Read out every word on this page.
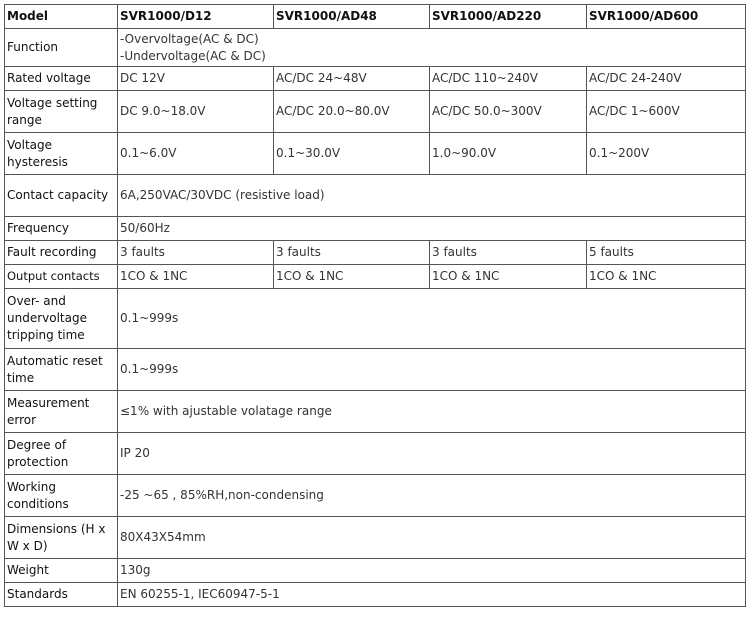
Model	SVR1000/D12	SVR1000/AD48	SVR1000/AD220	SVR1000/AD600
Function	-Overvoltage(AC & DC)
-Undervoltage(AC & DC)			

Rated voltage	DC 12V	AC/DC 24~48V	AC/DC 110~240V	AC/DC 24-240V
Voltage setting range	DC 9.0~18.0V	AC/DC 20.0~80.0V	AC/DC 50.0~300V	AC/DC 1~600V
Voltage hysteresis	0.1~6.0V	0.1~30.0V	1.0~90.0V	0.1~200V
Contact capacity	6A,250VAC/30VDC (resistive load)			
Frequency	50/60Hz			
Fault recording	3 faults	3 faults	3 faults	5 faults
Output contacts	1CO & 1NC	1CO & 1NC	1CO & 1NC	1CO & 1NC
Over- and undervoltage tripping time	0.1~999s			
Automatic reset time	0.1~999s			
Measurement error	≤1% with ajustable volatage range			
Degree of protection	IP 20			
Working conditions	-25 ~65 , 85%RH,non-condensing			
Dimensions (H x W x D)	80X43X54mm			
Weight	130g			
Standards	EN 60255-1, IEC60947-5-1			
